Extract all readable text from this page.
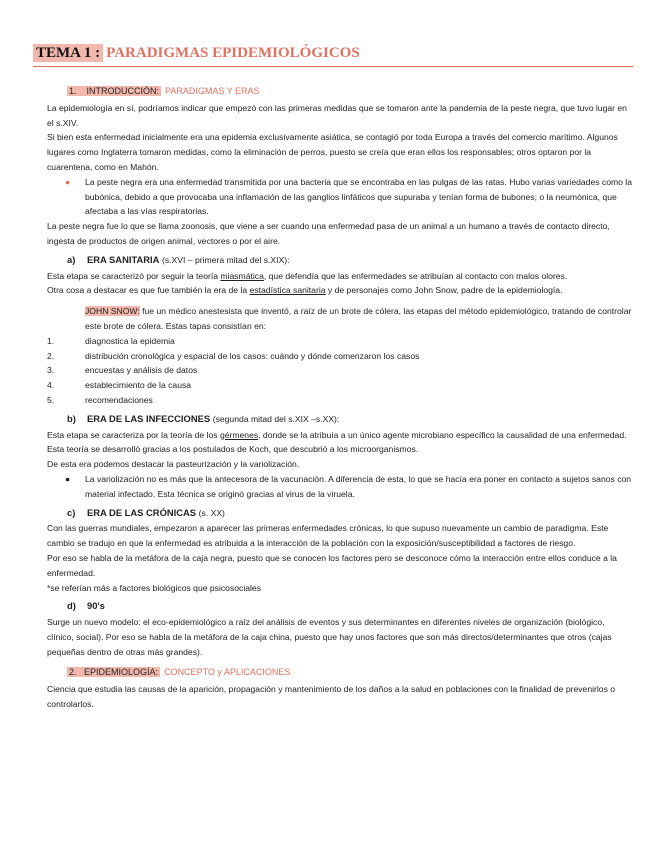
TEMA 1 : PARADIGMAS EPIDEMIOLÓGICOS
1. INTRODUCCIÓN: PARADIGMAS Y ERAS

La epidemiología en sí, podríamos indicar que empezó con las primeras medidas que se tomaron ante la pandemia de la peste negra, que tuvo lugar en el s.XIV.

Si bien esta enfermedad inicialmente era una epidemia exclusivamente asiática, se contagió por toda Europa a través del comercio marítimo. Algunos lugares como Inglaterra tomaron medidas, como la eliminación de perros, puesto se creía que eran ellos los responsables; otros optaron por la cuarentena, como en Mahón.

● La peste negra era una enfermedad transmitida por una bacteria que se encontraba en las pulgas de las ratas. Hubo varias variedades como la bubónica, debido a que provocaba una inflamación de las ganglios linfáticos que supuraba y tenían forma de bubones; o la neumónica, que afectaba a las vías respiratorias.

La peste negra fue lo que se llama zoonosis, que viene a ser cuando una enfermedad pasa de un animal a un humano a través de contacto directo, ingesta de productos de origen animal, vectores o por el aire.

a) ERA SANITARIA (s.XVI – primera mitad del s.XIX):

Esta etapa se caracterizó por seguir la teoría miasmática, que defendía que las enfermedades se atribuían al contacto con malos olores.

Otra cosa a destacar es que fue también la era de la estadística sanitaria y de personajes como John Snow, padre de la epidemiología.

JOHN SNOW: fue un médico anestesista que inventó, a raíz de un brote de cólera, las etapas del método epidemiológico, tratando de controlar este brote de cólera. Estas tapas consistían en:

1.	diagnostica la epidemia
2.	distribución cronológica y espacial de los casos: cuándo y dónde comenzaron los casos
3.	encuestas y análisis de datos
4.	establecimiento de la causa
5.	recomendaciones
b) ERA DE LAS INFECCIONES (segunda mitad del s.XIX –s.XX):

Esta etapa se caracteriza por la teoría de los gérmenes, donde se la atribuía a un único agente microbiano específico la causalidad de una enfermedad. Esta teoría se desarrolló gracias a los postulados de Koch, que descubrió a los microorganismos.

De esta era podemos destacar la pasteurización y la variolización.

● La variolización no es más que la antecesora de la vacunación. A diferencia de esta, lo que se hacía era poner en contacto a sujetos sanos con material infectado. Esta técnica se originó gracias al virus de la viruela.
c) ERA DE LAS CRÓNICAS (s. XX)

Con las guerras mundiales, empezaron a aparecer las primeras enfermedades crónicas, lo que supuso nuevamente un cambio de paradigma. Este cambio se tradujo en que la enfermedad es atribuida a la interacción de la población con la exposición/susceptibilidad a factores de riesgo.

Por eso se habla de la metáfora de la caja negra, puesto que se conocen los factores pero se desconoce cómo la interacción entre ellos conduce a la enfermedad.

*se referían más a factores biológicos que psicosociales

d) 90's

Surge un nuevo modelo: el eco-epidemiológico a raíz del análisis de eventos y sus determinantes en diferentes niveles de organización (biológico, clínico, social). Por eso se habla de la metáfora de la caja china, puesto que hay unos factores que son más directos/determinantes que otros (cajas pequeñas dentro de otras más grandes).

2. EPIDEMIOLOGÍA: CONCEPTO y APLICACIONES

Ciencia que estudia las causas de la aparición, propagación y mantenimiento de los daños a la salud en poblaciones con la finalidad de prevenirlos o controlarlos.
